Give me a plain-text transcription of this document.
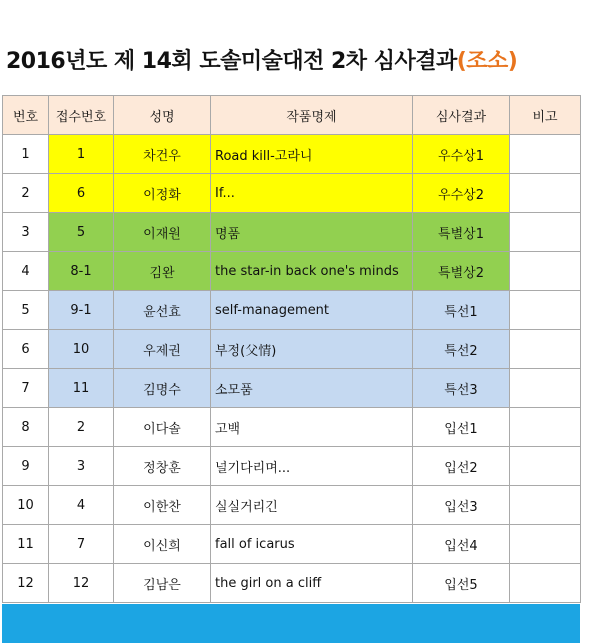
2016년도 제 14회 도솔미술대전 2차 심사결과(조소)
번호	접수번호	성명	작품명제	심사결과	비고
1	1	차건우	Road kill-고라니	우수상1	
2	6	이정화	If...	우수상2	
3	5	이재원	명품	특별상1	
4	8-1	김완	the star-in back one's minds	특별상2	
5	9-1	윤선효	self-management	특선1	
6	10	우제권	부정(父情)	특선2	
7	11	김명수	소모품	특선3	
8	2	이다솔	고백	입선1	
9	3	정창훈	널기다리며...	입선2	
10	4	이한찬	실실거리긴	입선3	
11	7	이신희	fall of icarus	입선4	
12	12	김남은	the girl on a cliff	입선5	
